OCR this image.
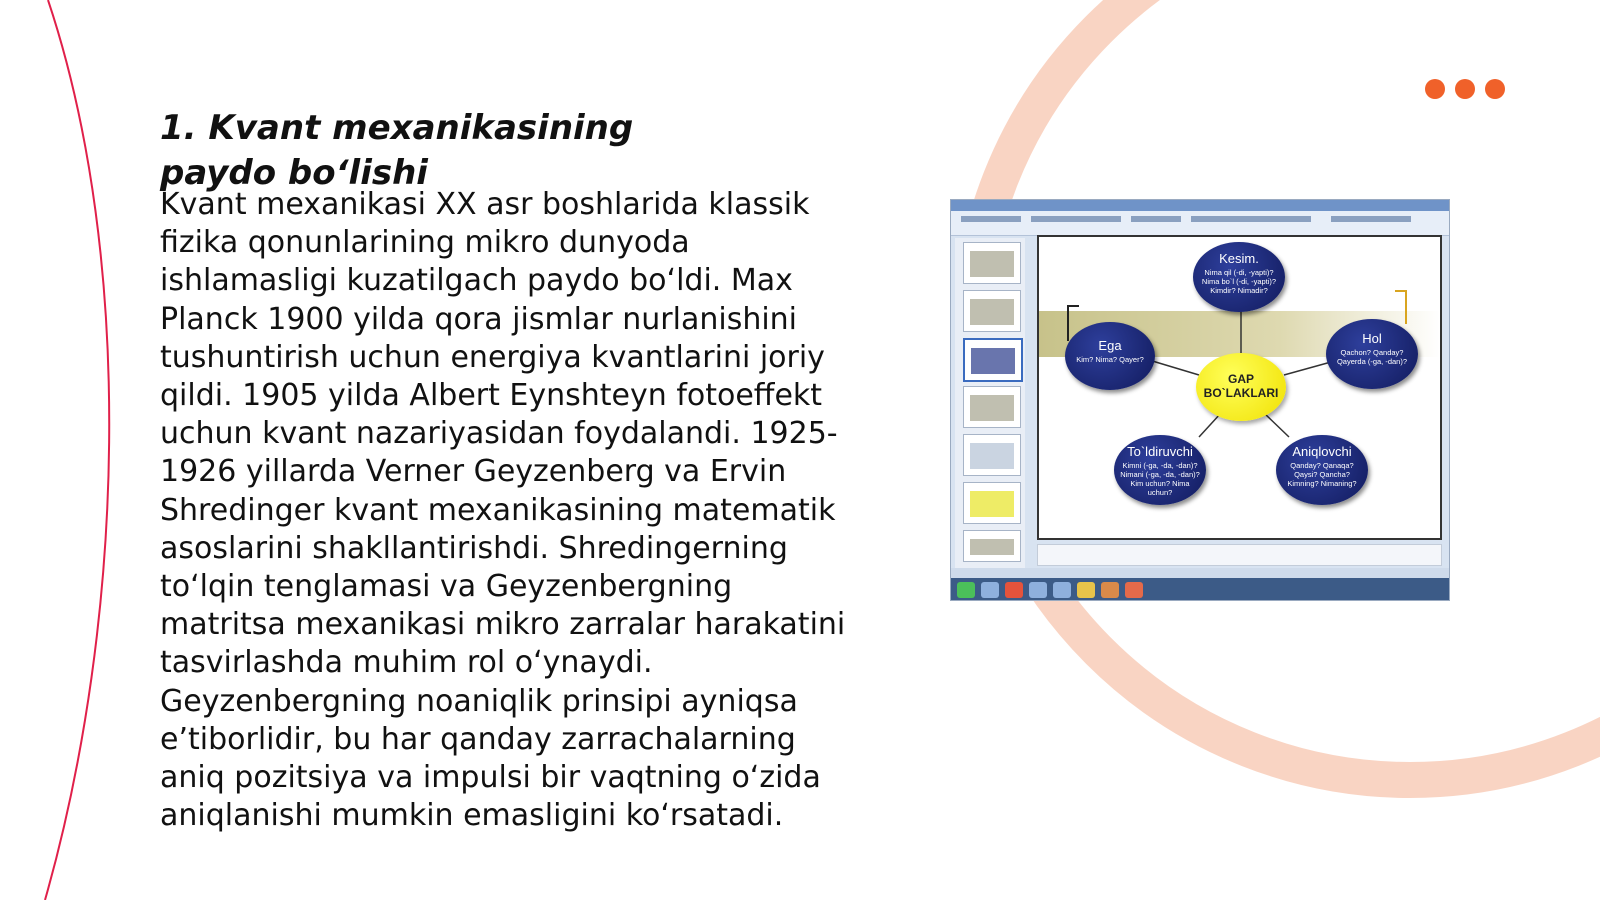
1. Kvant mexanikasining paydo bo‘lishi

Kvant mexanikasi XX asr boshlarida klassik fizika qonunlarining mikro dunyoda ishlamasligi kuzatilgach paydo bo‘ldi. Max Planck 1900 yilda qora jismlar nurlanishini tushuntirish uchun energiya kvantlarini joriy qildi. 1905 yilda Albert Eynshteyn fotoeffekt uchun kvant nazariyasidan foydalandi. 1925-1926 yillarda Verner Geyzenberg va Ervin Shredinger kvant mexanikasining matematik asoslarini shakllantirishdi. Shredingerning to‘lqin tenglamasi va Geyzenbergning matritsa mexanikasi mikro zarralar harakatini tasvirlashda muhim rol o‘ynaydi. Geyzenbergning noaniqlik prinsipi ayniqsa e’tiborlidir, bu har qanday zarrachalarning aniq pozitsiya va impulsi bir vaqtning o‘zida aniqlanishi mumkin emasligini ko‘rsatadi.

Kesim.
Nima qil (-di, -yapti)? Nima bo`l (-di, -yapti)? Kimdir? Nimadir?
Ega
Kim? Nima? Qayer?
Hol
Qachon? Qanday? Qayerda (-ga, -dan)?
To`ldiruvchi
Kimni (-ga, -da, -dan)? Nimani (-ga, -da, -dan)? Kim uchun? Nima uchun?
Aniqlovchi
Qanday? Qanaqa? Qaysi? Qancha? Kimning? Nimaning?
GAP BO`LAKLARI
